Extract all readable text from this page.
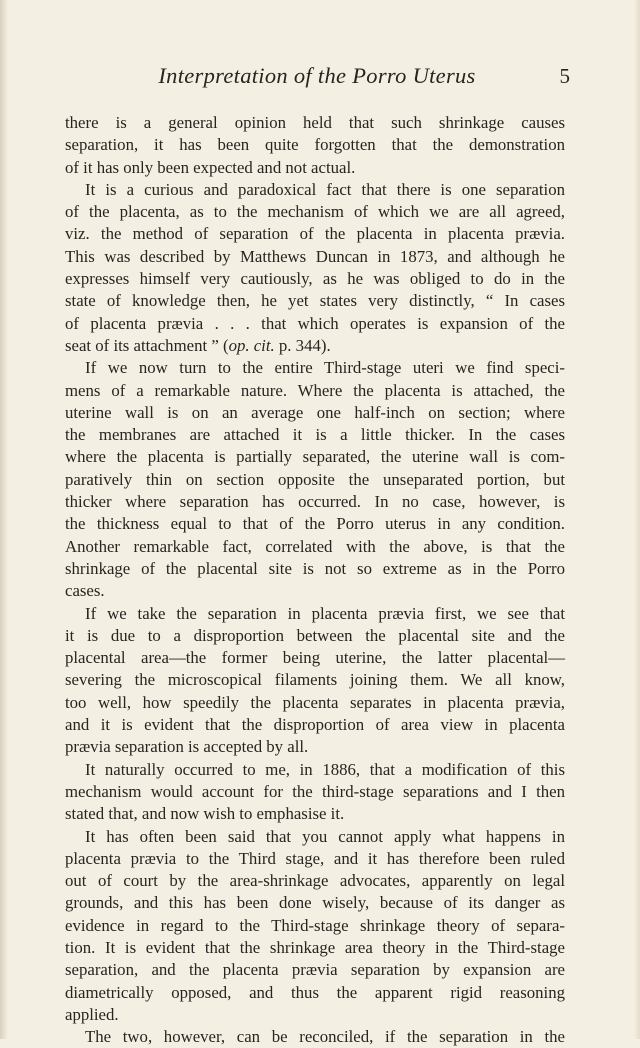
Interpretation of the Porro Uterus	5
there is a general opinion held that such shrinkage causes
separation, it has been quite forgotten that the demonstration
of it has only been expected and not actual.
It is a curious and paradoxical fact that there is one separation
of the placenta, as to the mechanism of which we are all agreed,
viz. the method of separation of the placenta in placenta prævia.
This was described by Matthews Duncan in 1873, and although he
expresses himself very cautiously, as he was obliged to do in the
state of knowledge then, he yet states very distinctly, “ In cases
of placenta prævia . . . that which operates is expansion of the
seat of its attachment ” (op. cit. p. 344).
If we now turn to the entire Third-stage uteri we find speci-
mens of a remarkable nature. Where the placenta is attached, the
uterine wall is on an average one half-inch on section; where
the membranes are attached it is a little thicker. In the cases
where the placenta is partially separated, the uterine wall is com-
paratively thin on section opposite the unseparated portion, but
thicker where separation has occurred. In no case, however, is
the thickness equal to that of the Porro uterus in any condition.
Another remarkable fact, correlated with the above, is that the
shrinkage of the placental site is not so extreme as in the Porro
cases.
If we take the separation in placenta prævia first, we see that
it is due to a disproportion between the placental site and the
placental area—the former being uterine, the latter placental—
severing the microscopical filaments joining them. We all know,
too well, how speedily the placenta separates in placenta prævia,
and it is evident that the disproportion of area view in placenta
prævia separation is accepted by all.
It naturally occurred to me, in 1886, that a modification of this
mechanism would account for the third-stage separations and I then
stated that, and now wish to emphasise it.
It has often been said that you cannot apply what happens in
placenta prævia to the Third stage, and it has therefore been ruled
out of court by the area-shrinkage advocates, apparently on legal
grounds, and this has been done wisely, because of its danger as
evidence in regard to the Third-stage shrinkage theory of separa-
tion. It is evident that the shrinkage area theory in the Third-stage
separation, and the placenta prævia separation by expansion are
diametrically opposed, and thus the apparent rigid reasoning
applied.
The two, however, can be reconciled, if the separation in the
